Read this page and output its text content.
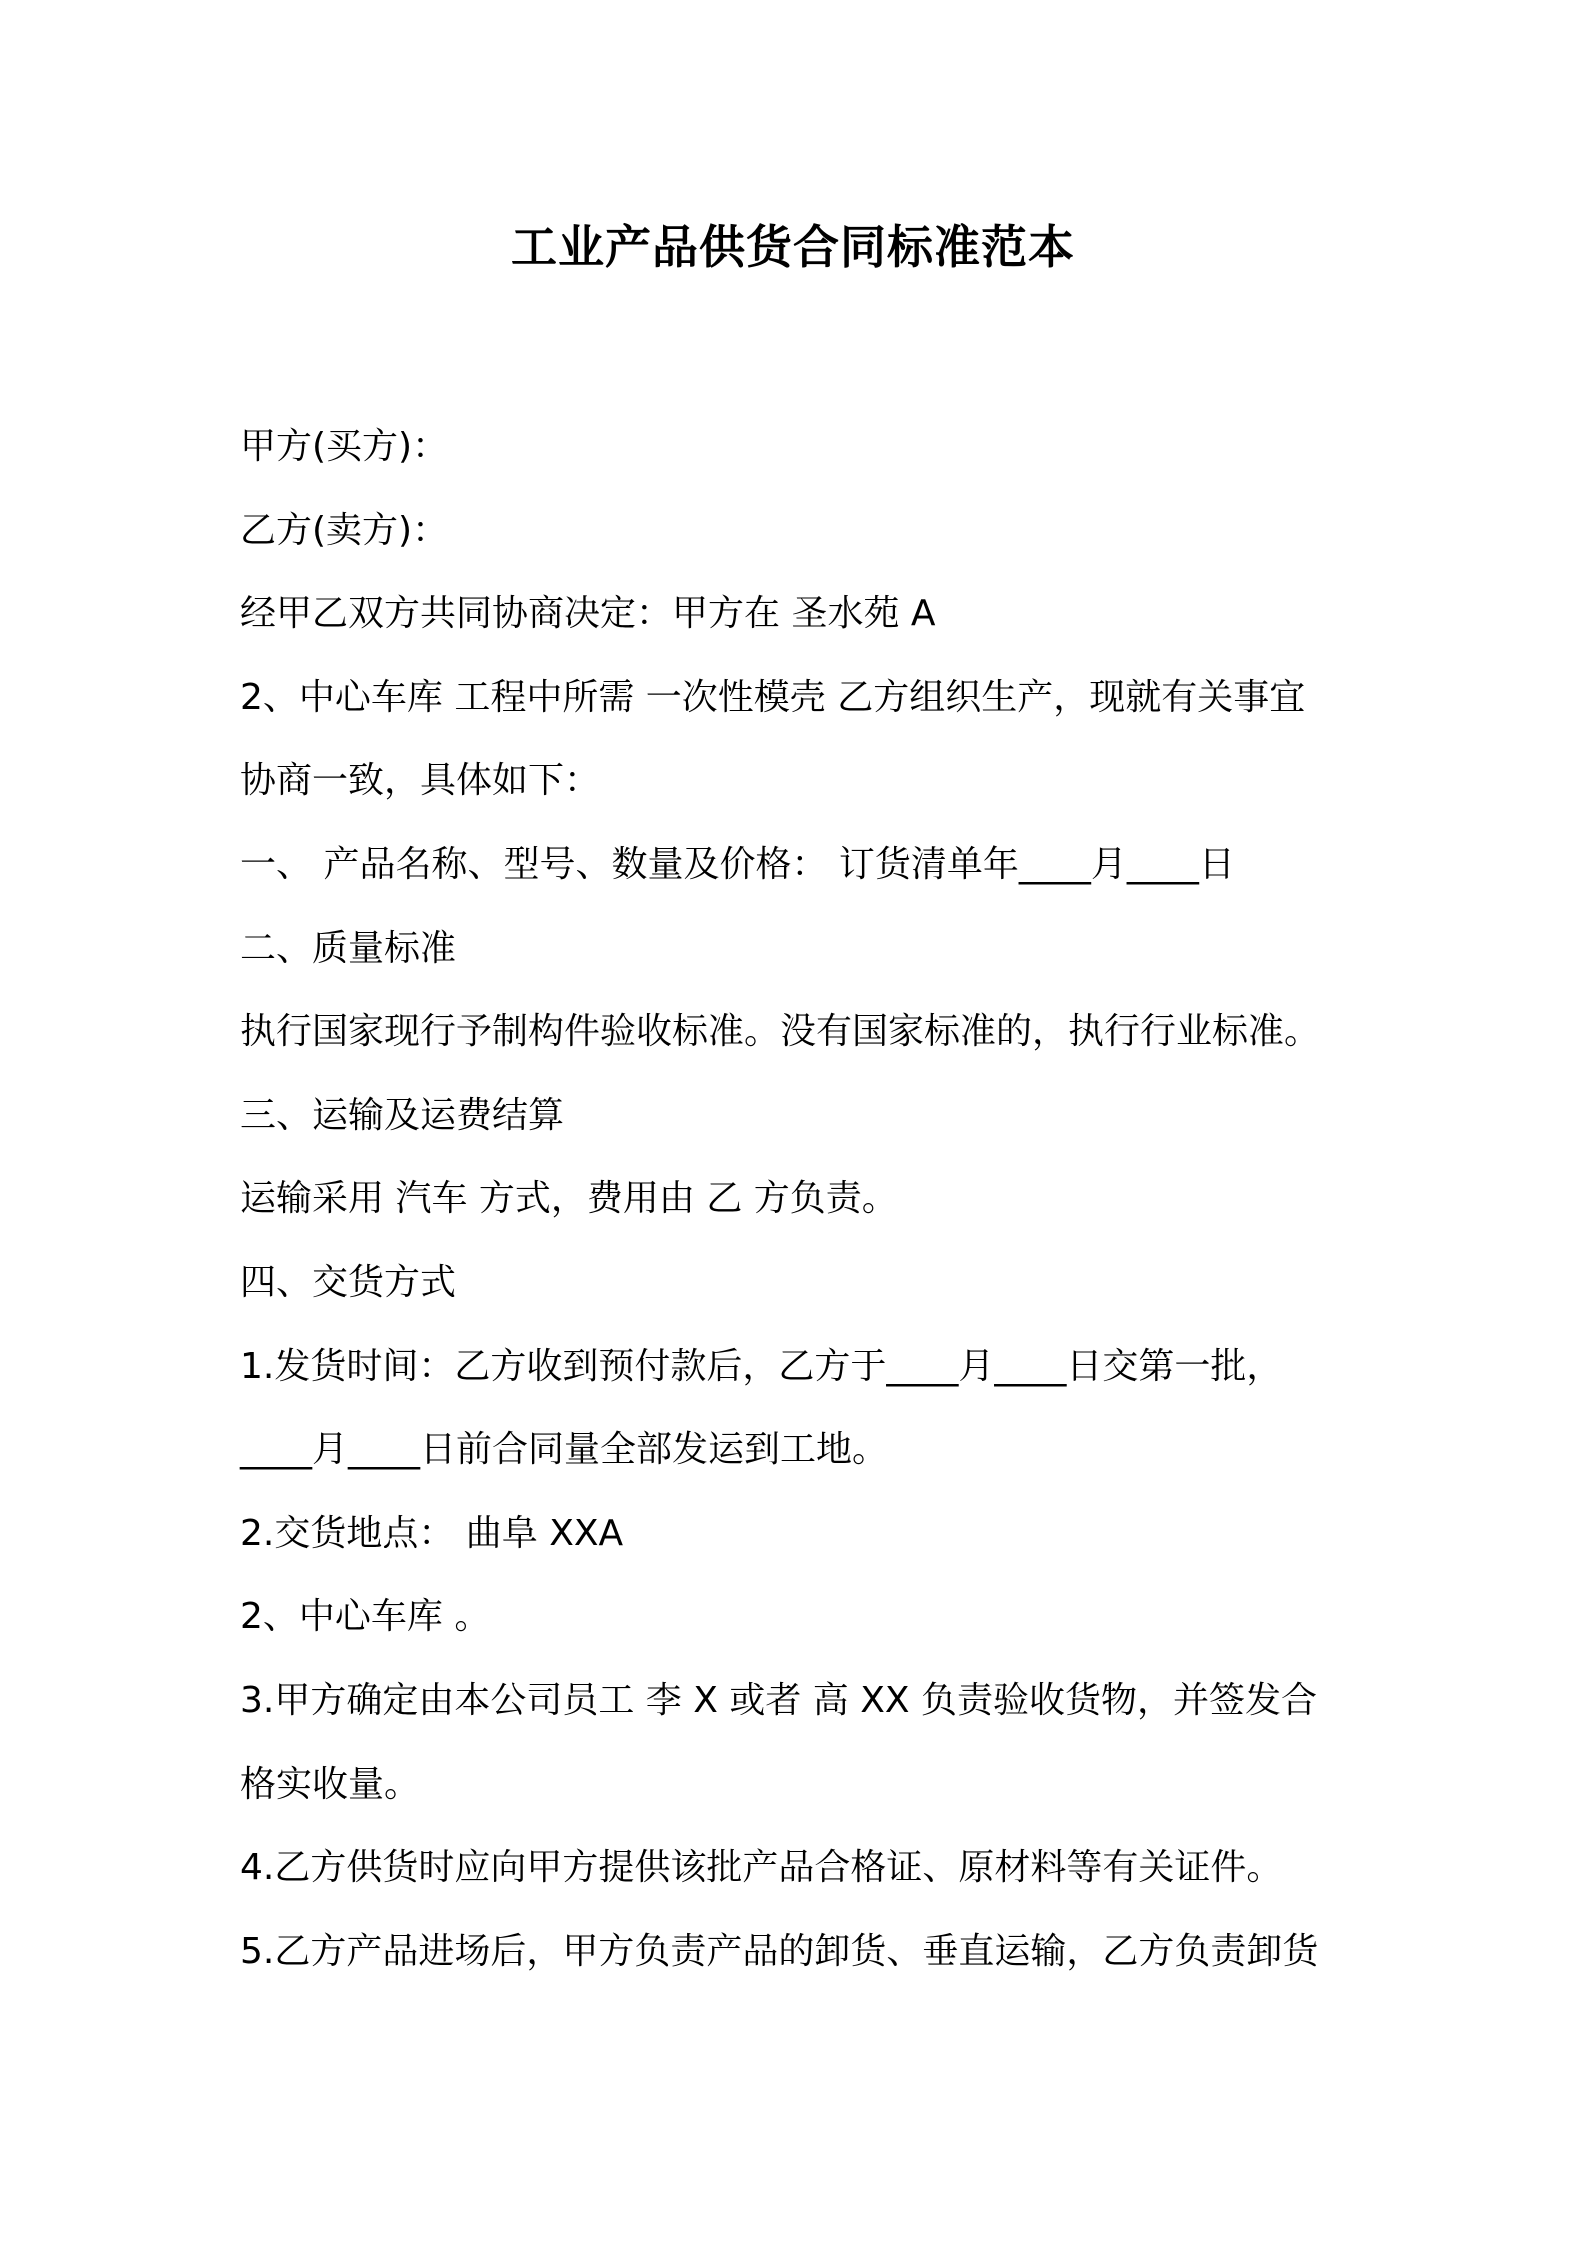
工业产品供货合同标准范本
甲方(买方)：
乙方(卖方)：
经甲乙双方共同协商决定：甲方在 圣水苑 A
2、中心车库 工程中所需 一次性模壳 乙方组织生产，现就有关事宜
协商一致，具体如下：
一、 产品名称、型号、数量及价格： 订货清单年____月____日
二、质量标准
执行国家现行予制构件验收标准。没有国家标准的，执行行业标准。
三、运输及运费结算
运输采用 汽车 方式，费用由 乙 方负责。
四、交货方式
1.发货时间：乙方收到预付款后，乙方于____月____日交第一批，
____月____日前合同量全部发运到工地。
2.交货地点： 曲阜 XXA
2、中心车库 。
3.甲方确定由本公司员工 李 X 或者 高 XX 负责验收货物，并签发合
格实收量。
4.乙方供货时应向甲方提供该批产品合格证、原材料等有关证件。
5.乙方产品进场后，甲方负责产品的卸货、垂直运输，乙方负责卸货
